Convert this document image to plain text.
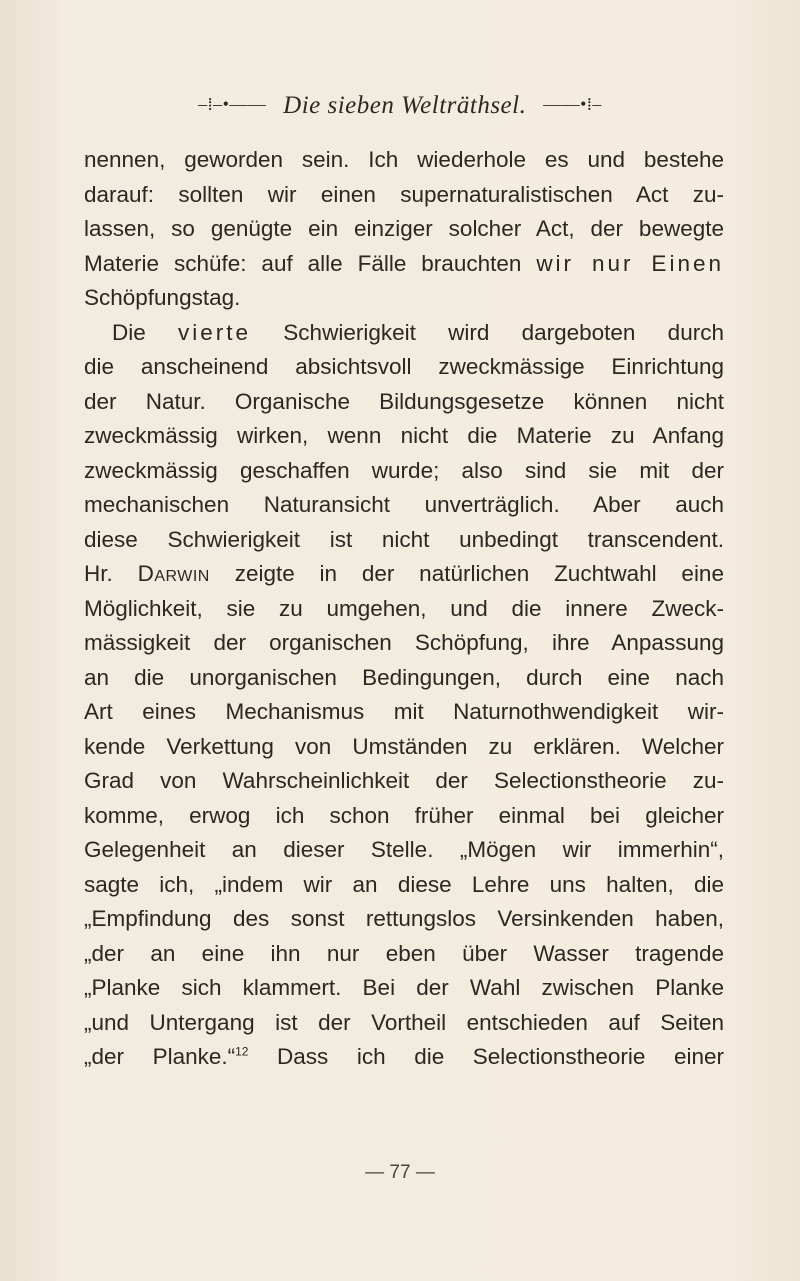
–⁞–•—— Die sieben Welträthsel. ——•⁞–
nennen, geworden sein. Ich wiederhole es und bestehe
darauf: sollten wir einen supernaturalistischen Act zu-
lassen, so genügte ein einziger solcher Act, der bewegte
Materie schüfe: auf alle Fälle brauchten wir nur Einen
Schöpfungstag.
Die vierte Schwierigkeit wird dargeboten durch
die anscheinend absichtsvoll zweckmässige Einrichtung
der Natur. Organische Bildungsgesetze können nicht
zweckmässig wirken, wenn nicht die Materie zu Anfang
zweckmässig geschaffen wurde; also sind sie mit der
mechanischen Naturansicht unverträglich. Aber auch
diese Schwierigkeit ist nicht unbedingt transcendent.
Hr. Darwin zeigte in der natürlichen Zuchtwahl eine
Möglichkeit, sie zu umgehen, und die innere Zweck-
mässigkeit der organischen Schöpfung, ihre Anpassung
an die unorganischen Bedingungen, durch eine nach
Art eines Mechanismus mit Naturnothwendigkeit wir-
kende Verkettung von Umständen zu erklären. Welcher
Grad von Wahrscheinlichkeit der Selectionstheorie zu-
komme, erwog ich schon früher einmal bei gleicher
Gelegenheit an dieser Stelle. „Mögen wir immerhin“,
sagte ich, „indem wir an diese Lehre uns halten, die
„Empfindung des sonst rettungslos Versinkenden haben,
„der an eine ihn nur eben über Wasser tragende
„Planke sich klammert. Bei der Wahl zwischen Planke
„und Untergang ist der Vortheil entschieden auf Seiten
„der Planke.“$^{12}$ Dass ich die Selectionstheorie einer
— 77 —
